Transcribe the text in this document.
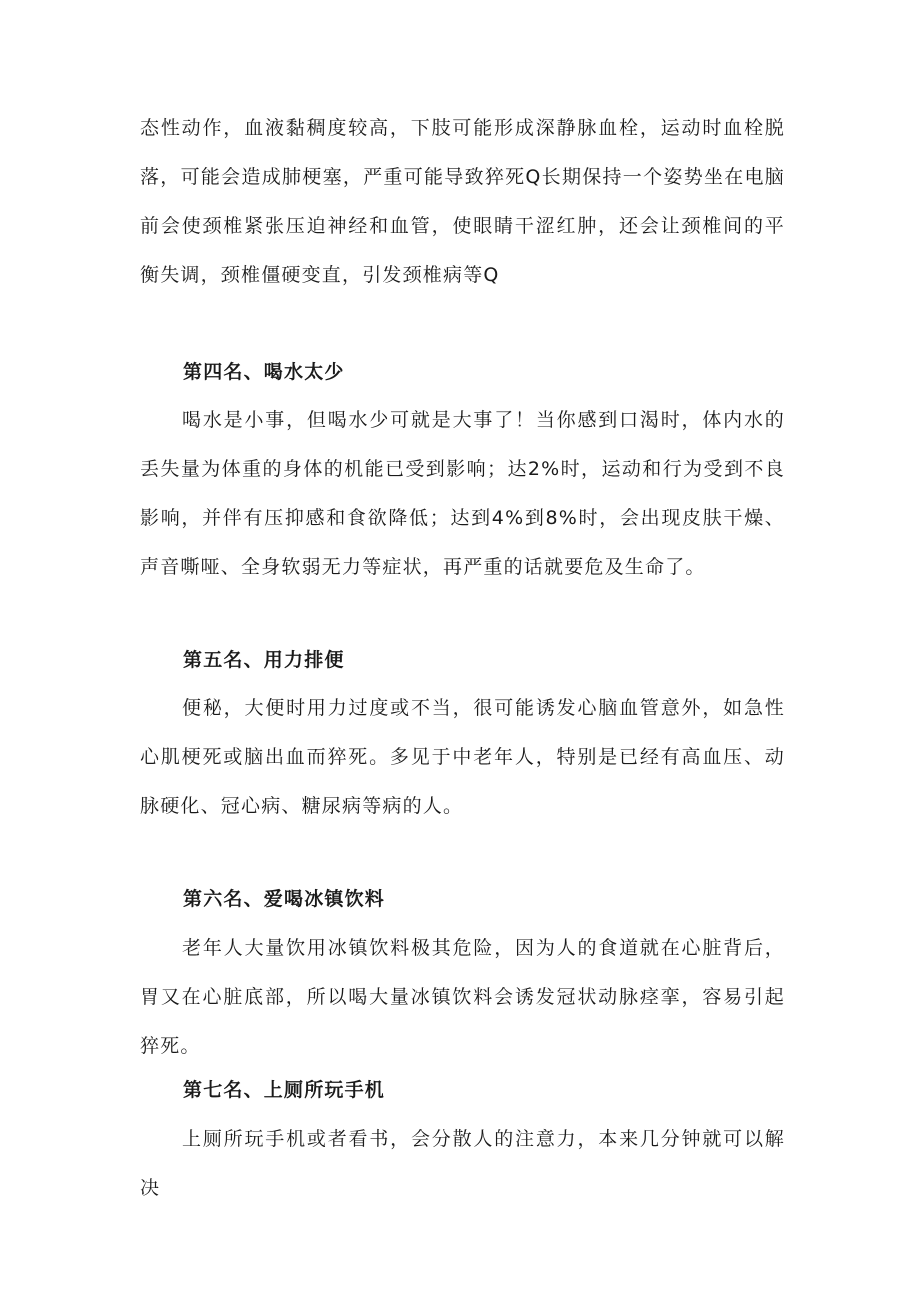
态性动作，血液黏稠度较高，下肢可能形成深静脉血栓，运动时血栓脱落，可能会造成肺梗塞，严重可能导致猝死Q长期保持一个姿势坐在电脑前会使颈椎紧张压迫神经和血管，使眼睛干涩红肿，还会让颈椎间的平衡失调，颈椎僵硬变直，引发颈椎病等Q

第四名、喝水太少

喝水是小事，但喝水少可就是大事了！当你感到口渴时，体内水的丢失量为体重的身体的机能已受到影响；达2%时，运动和行为受到不良影响，并伴有压抑感和食欲降低；达到4%到8%时，会出现皮肤干燥、声音嘶哑、全身软弱无力等症状，再严重的话就要危及生命了。

第五名、用力排便

便秘，大便时用力过度或不当，很可能诱发心脑血管意外，如急性心肌梗死或脑出血而猝死。多见于中老年人，特别是已经有高血压、动脉硬化、冠心病、糖尿病等病的人。

第六名、爱喝冰镇饮料

老年人大量饮用冰镇饮料极其危险，因为人的食道就在心脏背后，胃又在心脏底部，所以喝大量冰镇饮料会诱发冠状动脉痉挛，容易引起猝死。

第七名、上厕所玩手机

上厕所玩手机或者看书，会分散人的注意力，本来几分钟就可以解决
